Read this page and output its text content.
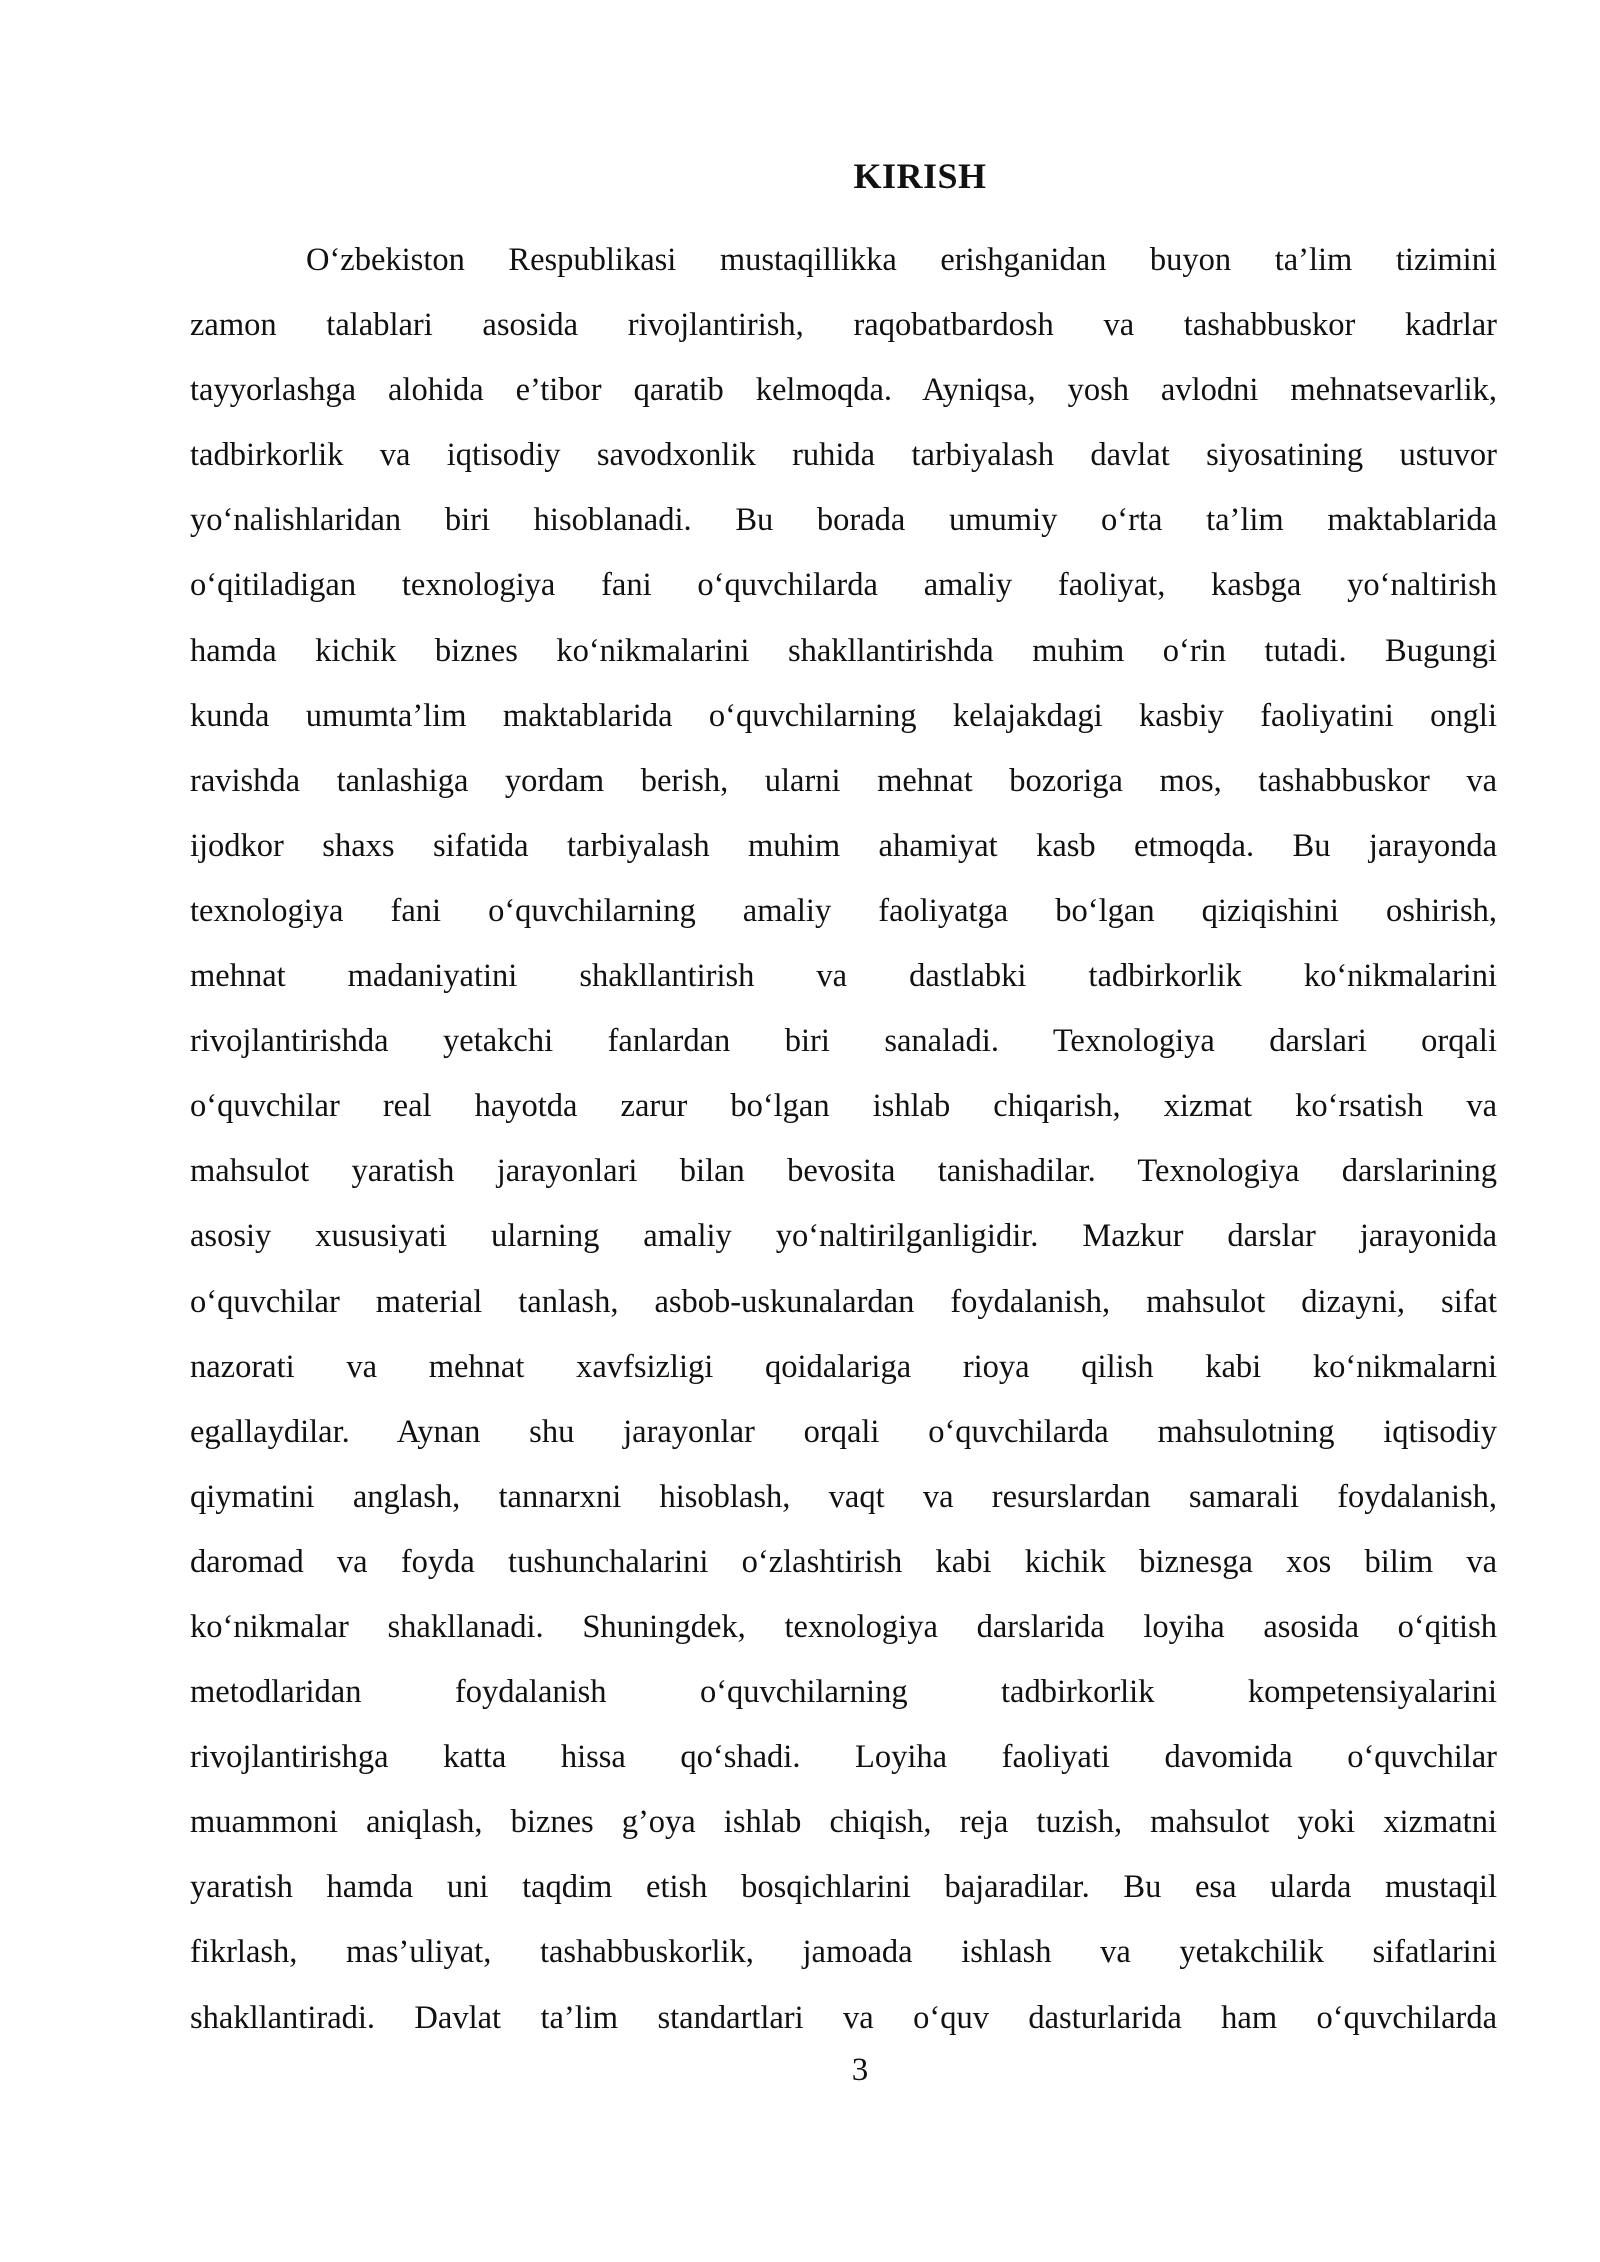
KIRISH
O‘zbekiston Respublikasi mustaqillikka erishganidan buyon ta’lim tizimini
zamon talablari asosida rivojlantirish, raqobatbardosh va tashabbuskor kadrlar
tayyorlashga alohida e’tibor qaratib kelmoqda. Ayniqsa, yosh avlodni mehnatsevarlik,
tadbirkorlik va iqtisodiy savodxonlik ruhida tarbiyalash davlat siyosatining ustuvor
yo‘nalishlaridan biri hisoblanadi. Bu borada umumiy o‘rta ta’lim maktablarida
o‘qitiladigan texnologiya fani o‘quvchilarda amaliy faoliyat, kasbga yo‘naltirish
hamda kichik biznes ko‘nikmalarini shakllantirishda muhim o‘rin tutadi. Bugungi
kunda umumta’lim maktablarida o‘quvchilarning kelajakdagi kasbiy faoliyatini ongli
ravishda tanlashiga yordam berish, ularni mehnat bozoriga mos, tashabbuskor va
ijodkor shaxs sifatida tarbiyalash muhim ahamiyat kasb etmoqda. Bu jarayonda
texnologiya fani o‘quvchilarning amaliy faoliyatga bo‘lgan qiziqishini oshirish,
mehnat madaniyatini shakllantirish va dastlabki tadbirkorlik ko‘nikmalarini
rivojlantirishda yetakchi fanlardan biri sanaladi. Texnologiya darslari orqali
o‘quvchilar real hayotda zarur bo‘lgan ishlab chiqarish, xizmat ko‘rsatish va
mahsulot yaratish jarayonlari bilan bevosita tanishadilar. Texnologiya darslarining
asosiy xususiyati ularning amaliy yo‘naltirilganligidir. Mazkur darslar jarayonida
o‘quvchilar material tanlash, asbob-uskunalardan foydalanish, mahsulot dizayni, sifat
nazorati va mehnat xavfsizligi qoidalariga rioya qilish kabi ko‘nikmalarni
egallaydilar. Aynan shu jarayonlar orqali o‘quvchilarda mahsulotning iqtisodiy
qiymatini anglash, tannarxni hisoblash, vaqt va resurslardan samarali foydalanish,
daromad va foyda tushunchalarini o‘zlashtirish kabi kichik biznesga xos bilim va
ko‘nikmalar shakllanadi. Shuningdek, texnologiya darslarida loyiha asosida o‘qitish
metodlaridan foydalanish o‘quvchilarning tadbirkorlik kompetensiyalarini
rivojlantirishga katta hissa qo‘shadi. Loyiha faoliyati davomida o‘quvchilar
muammoni aniqlash, biznes g’oya ishlab chiqish, reja tuzish, mahsulot yoki xizmatni
yaratish hamda uni taqdim etish bosqichlarini bajaradilar. Bu esa ularda mustaqil
fikrlash, mas’uliyat, tashabbuskorlik, jamoada ishlash va yetakchilik sifatlarini
shakllantiradi. Davlat ta’lim standartlari va o‘quv dasturlarida ham o‘quvchilarda
3
